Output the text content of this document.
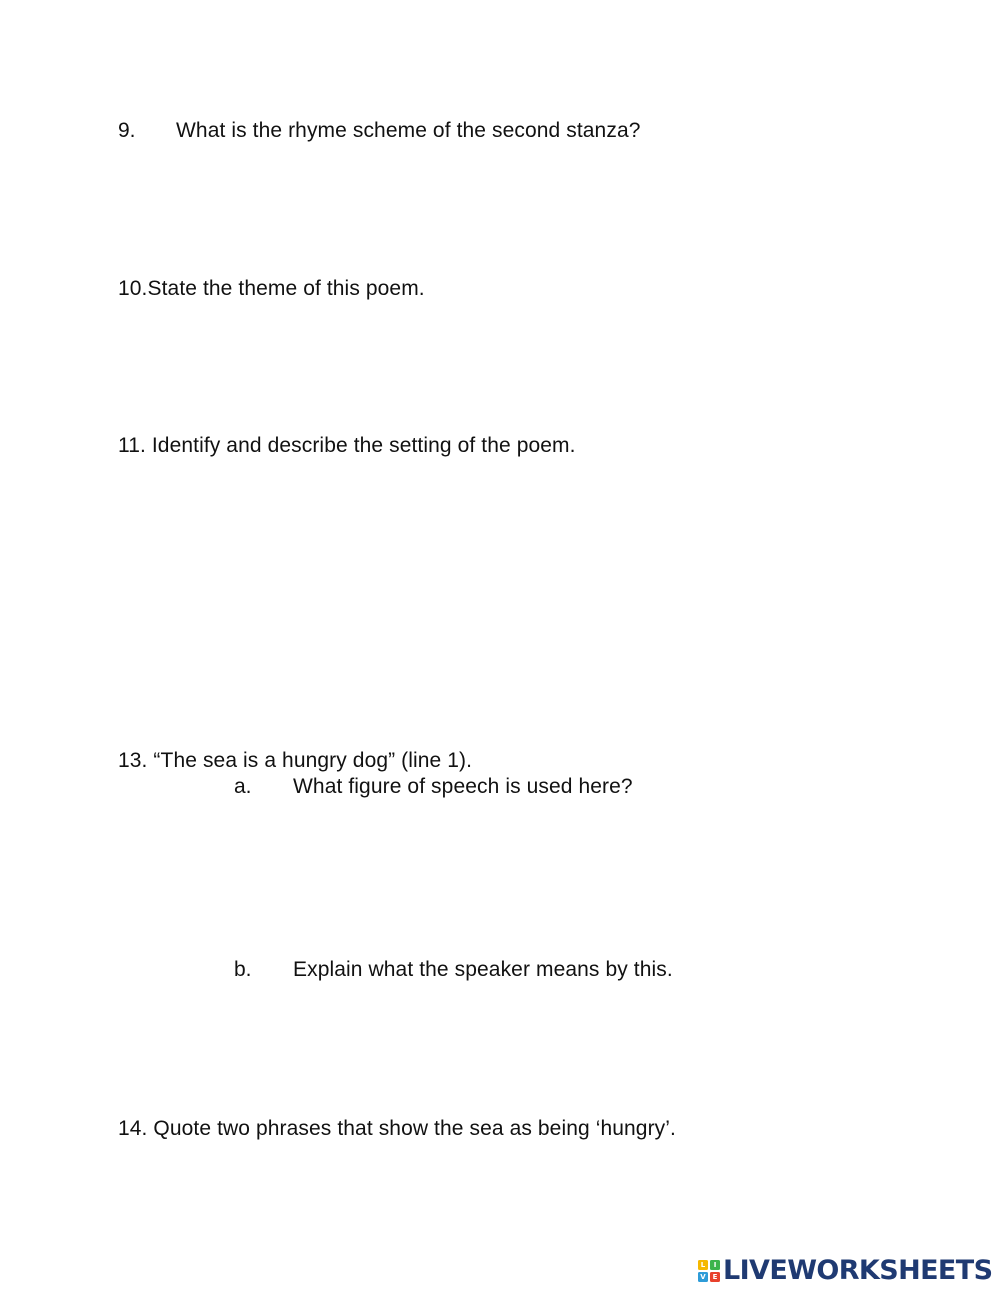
9. What is the rhyme scheme of the second stanza?
10.State the theme of this poem.
11. Identify and describe the setting of the poem.
13. “The sea is a hungry dog” (line 1).
a. What figure of speech is used here?
b. Explain what the speaker means by this.
14. Quote two phrases that show the sea as being ‘hungry’.
L	I
V E LIVEWORKSHEETS
